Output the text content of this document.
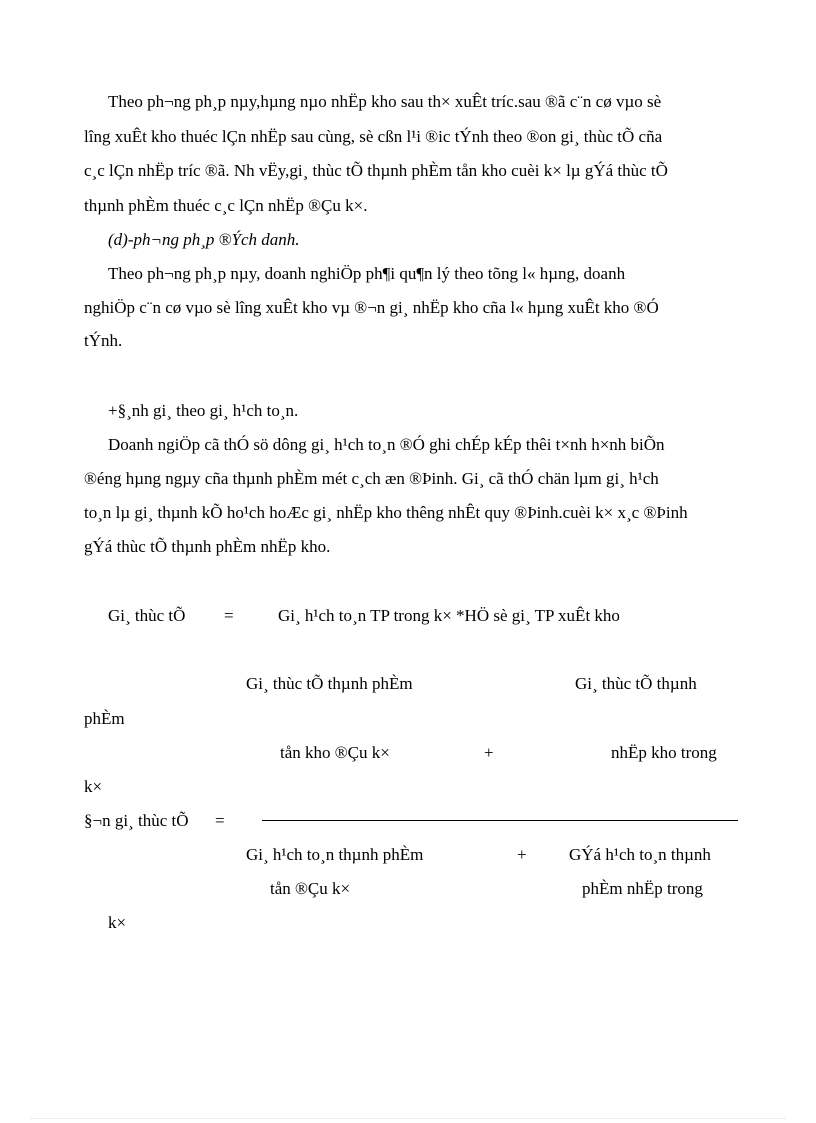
Theo ph¬ng ph¸p nµy,hµng nµo nhËp kho sau th× xuÊt tríc.sau ®ã c¨n cø vµo sè
lîng xuÊt kho thuéc lÇn nhËp sau cùng, sè cßn l¹i ®ic tÝnh theo ®on gi¸ thùc tÕ cña
c¸c lÇn nhËp tríc ®ã. Nh vËy,gi¸ thùc tÕ thµnh phÈm tån kho cuèi k× lµ gÝá thùc tÕ
thµnh phÈm thuéc c¸c lÇn nhËp ®Çu k×.
(d)-ph¬ng ph¸p ®Ých danh.
Theo ph¬ng ph¸p nµy, doanh nghiÖp ph¶i qu¶n lý theo tõng l« hµng, doanh
nghiÖp c¨n cø vµo sè lîng xuÊt kho vµ ®¬n gi¸ nhËp kho cña l« hµng xuÊt kho ®Ó
tÝnh.
+§¸nh gi¸ theo gi¸ h¹ch to¸n.
Doanh ngiÖp cã thÓ sö dông gi¸ h¹ch to¸n ®Ó ghi chÉp kÉp thêi t×nh h×nh biÕn
®éng hµng ngµy cña thµnh phÈm mét c¸ch æn ®Þinh. Gi¸ cã thÓ chän lµm gi¸ h¹ch
to¸n lµ gi¸ thµnh kÕ ho¹ch hoÆc gi¸ nhËp kho thêng nhÊt quy ®Þinh.cuèi k× x¸c ®Þinh
gÝá thùc tÕ thµnh phÈm nhËp kho.
Gi¸ thùc tÕ =	Gi¸ h¹ch to¸n TP trong k× *HÖ sè gi¸ TP xuÊt kho
Gi¸ thùc tÕ thµnh phÈm	Gi¸ thùc tÕ thµnh
phÈm
tån kho ®Çu k×	+	nhËp kho trong
k×
§¬n gi¸ thùc tÕ =
Gi¸ h¹ch to¸n thµnh phÈm	+ GÝá h¹ch to¸n thµnh
tån ®Çu k×	phÈm nhËp trong
k×
